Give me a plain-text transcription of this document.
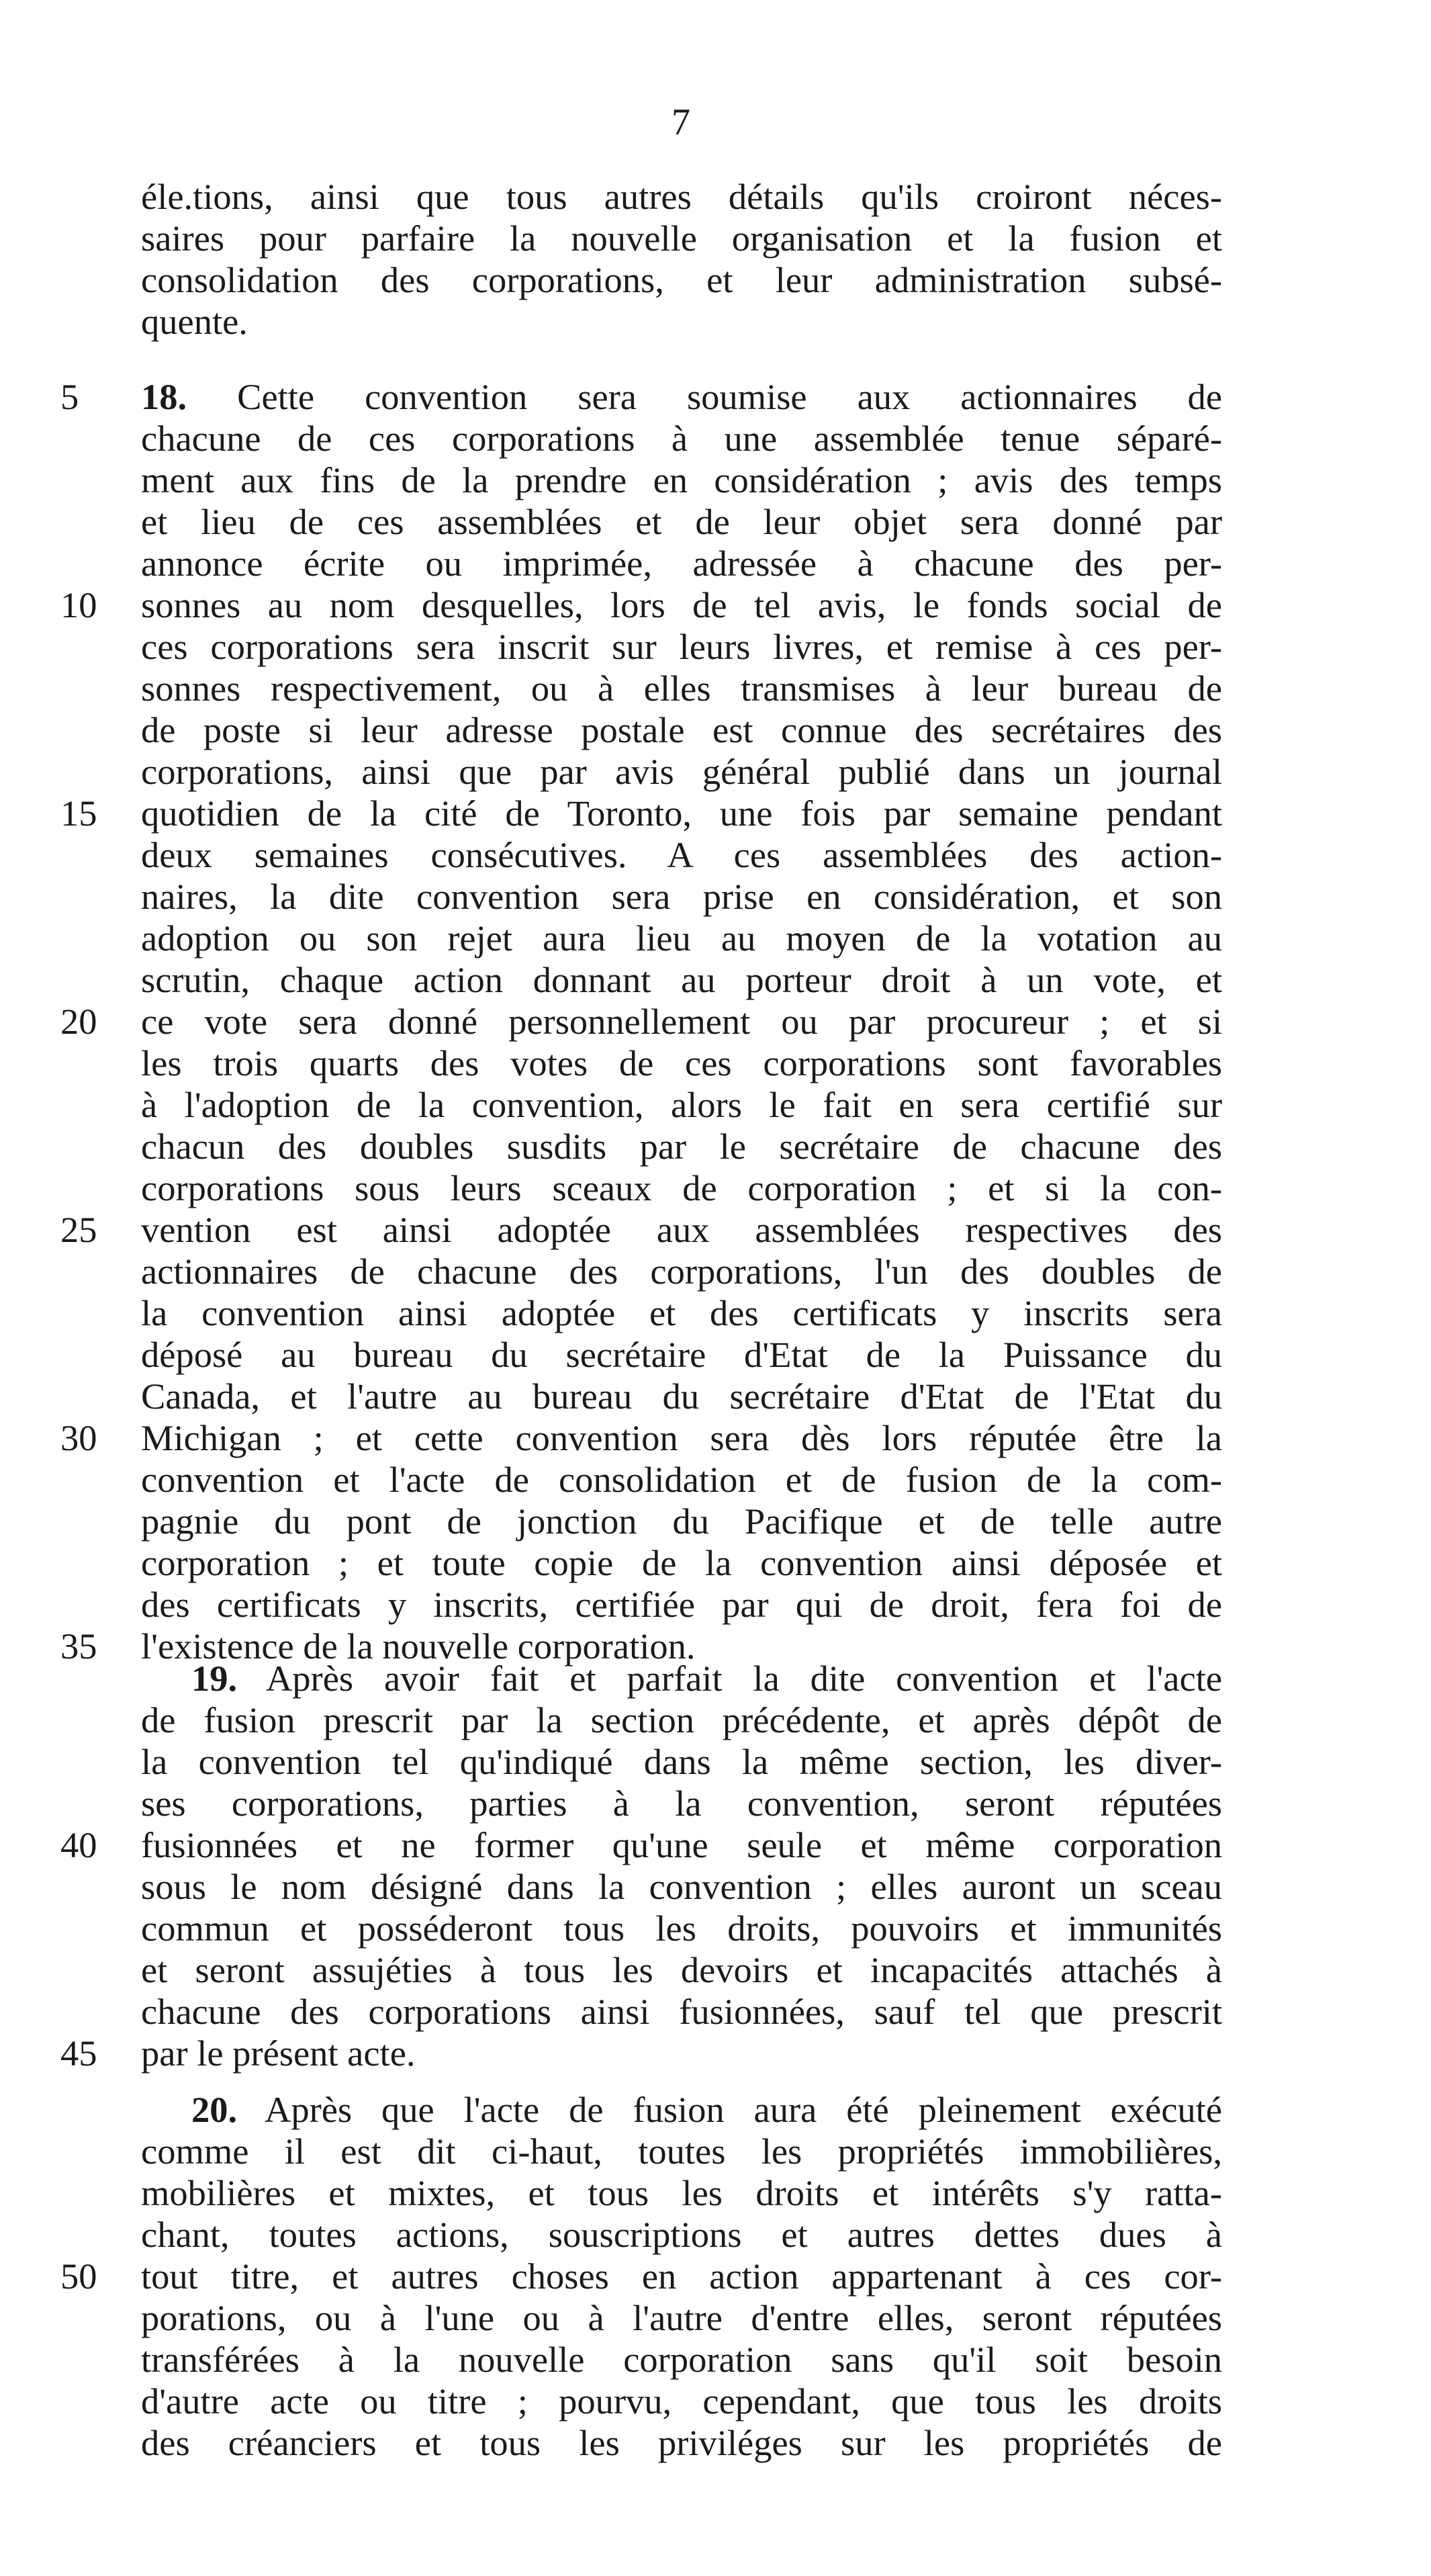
7
éle.tions, ainsi que tous autres détails qu'ils croiront néces-
saires pour parfaire la nouvelle organisation et la fusion et
consolidation des corporations, et leur administration subsé-
quente.
5	18. Cette convention sera soumise aux actionnaires de
chacune de ces corporations à une assemblée tenue séparé-
ment aux fins de la prendre en considération ; avis des temps
et lieu de ces assemblées et de leur objet sera donné par
annonce écrite ou imprimée, adressée à chacune des per-
10	sonnes au nom desquelles, lors de tel avis, le fonds social de
ces corporations sera inscrit sur leurs livres, et remise à ces per-
sonnes respectivement, ou à elles transmises à leur bureau de
de poste si leur adresse postale est connue des secrétaires des
corporations, ainsi que par avis général publié dans un journal
15	quotidien de la cité de Toronto, une fois par semaine pendant
deux semaines consécutives. A ces assemblées des action-
naires, la dite convention sera prise en considération, et son
adoption ou son rejet aura lieu au moyen de la votation au
scrutin, chaque action donnant au porteur droit à un vote, et
20	ce vote sera donné personnellement ou par procureur ; et si
les trois quarts des votes de ces corporations sont favorables
à l'adoption de la convention, alors le fait en sera certifié sur
chacun des doubles susdits par le secrétaire de chacune des
corporations sous leurs sceaux de corporation ; et si la con-
25	vention est ainsi adoptée aux assemblées respectives des
actionnaires de chacune des corporations, l'un des doubles de
la convention ainsi adoptée et des certificats y inscrits sera
déposé au bureau du secrétaire d'Etat de la Puissance du
Canada, et l'autre au bureau du secrétaire d'Etat de l'Etat du
30	Michigan ; et cette convention sera dès lors réputée être la
convention et l'acte de consolidation et de fusion de la com-
pagnie du pont de jonction du Pacifique et de telle autre
corporation ; et toute copie de la convention ainsi déposée et
des certificats y inscrits, certifiée par qui de droit, fera foi de
35	l'existence de la nouvelle corporation.
19. Après avoir fait et parfait la dite convention et l'acte
de fusion prescrit par la section précédente, et après dépôt de
la convention tel qu'indiqué dans la même section, les diver-
ses corporations, parties à la convention, seront réputées
40	fusionnées et ne former qu'une seule et même corporation
sous le nom désigné dans la convention ; elles auront un sceau
commun et posséderont tous les droits, pouvoirs et immunités
et seront assujéties à tous les devoirs et incapacités attachés à
chacune des corporations ainsi fusionnées, sauf tel que prescrit
45	par le présent acte.
20. Après que l'acte de fusion aura été pleinement exécuté
comme il est dit ci-haut, toutes les propriétés immobilières,
mobilières et mixtes, et tous les droits et intérêts s'y ratta-
chant, toutes actions, souscriptions et autres dettes dues à
50	tout titre, et autres choses en action appartenant à ces cor-
porations, ou à l'une ou à l'autre d'entre elles, seront réputées
transférées à la nouvelle corporation sans qu'il soit besoin
d'autre acte ou titre ; pourvu, cependant, que tous les droits
des créanciers et tous les priviléges sur les propriétés de
